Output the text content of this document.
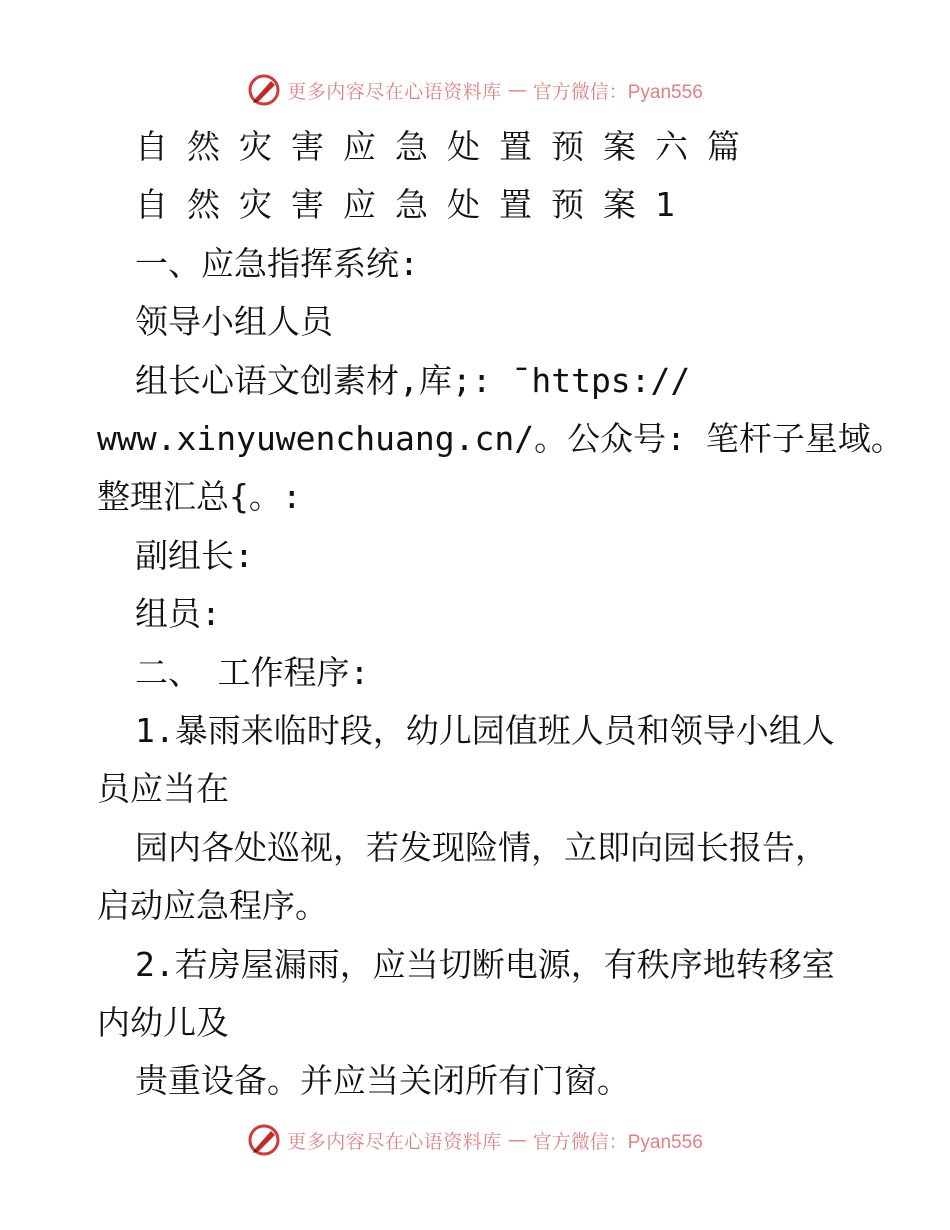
更多内容尽在心语资料库 — 官方微信：Pyan556
自然灾害应急处置预案六篇
自然灾害应急处置预案1
一、应急指挥系统:
领导小组人员
组长心语文创素材,库;: ¯https://
www.xinyuwenchuang.cn/。公众号: 笔杆子星域。
整理汇总{。:
副组长:
组员:
二、　工作程序:
1.暴雨来临时段，幼儿园值班人员和领导小组人
员应当在
园内各处巡视，若发现险情，立即向园长报告，
启动应急程序。
2.若房屋漏雨，应当切断电源，有秩序地转移室
内幼儿及
贵重设备。并应当关闭所有门窗。
更多内容尽在心语资料库 — 官方微信：Pyan556
